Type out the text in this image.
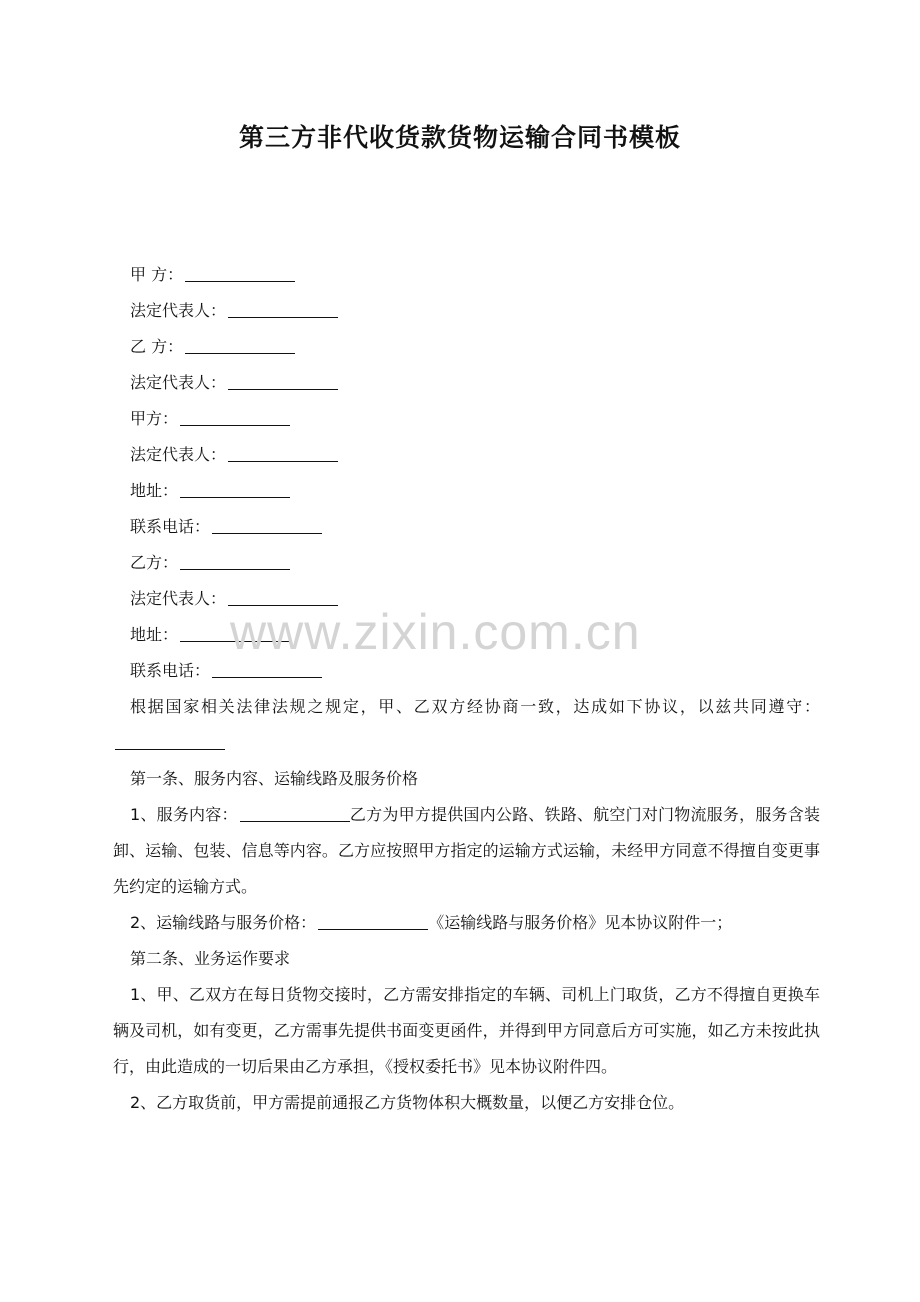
第三方非代收货款货物运输合同书模板

甲 方：

法定代表人：

乙 方：

法定代表人：

甲方：

法定代表人：

地址：

联系电话：

乙方：

法定代表人：

地址：

联系电话：

根据国家相关法律法规之规定，甲、乙双方经协商一致，达成如下协议，以兹共同遵守：

第一条、服务内容、运输线路及服务价格

1、服务内容：	乙方为甲方提供国内公路、铁路、航空门对门物流服务，服务含装卸、运输、包装、信息等内容。乙方应按照甲方指定的运输方式运输，未经甲方同意不得擅自变更事先约定的运输方式。

2、运输线路与服务价格：	《运输线路与服务价格》见本协议附件一；

第二条、业务运作要求

1、甲、乙双方在每日货物交接时，乙方需安排指定的车辆、司机上门取货，乙方不得擅自更换车辆及司机，如有变更，乙方需事先提供书面变更函件，并得到甲方同意后方可实施，如乙方未按此执行，由此造成的一切后果由乙方承担，《授权委托书》见本协议附件四。

2、乙方取货前，甲方需提前通报乙方货物体积大概数量，以便乙方安排仓位。

www.zixin.com.cn
